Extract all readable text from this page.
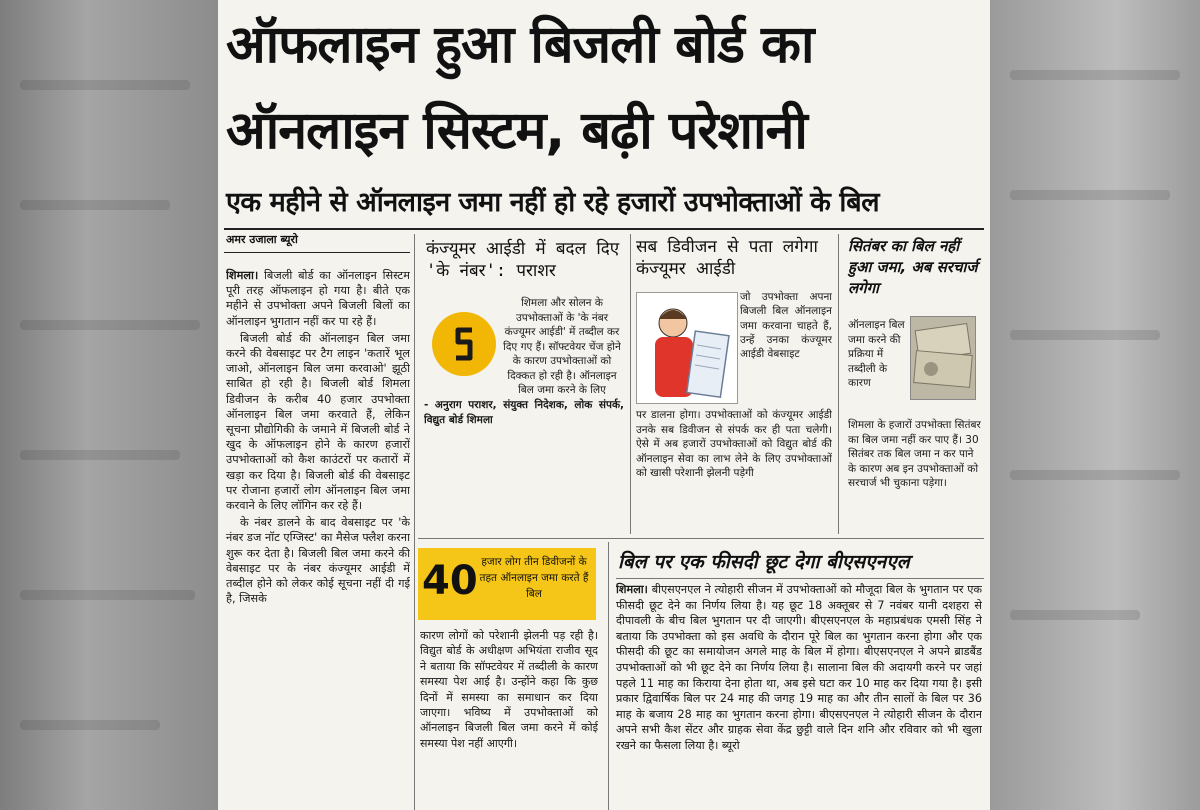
ऑफलाइन हुआ बिजली बोर्ड का
ऑनलाइन सिस्टम, बढ़ी परेशानी
एक महीने से ऑनलाइन जमा नहीं हो रहे हजारों उपभोक्ताओं के बिल
अमर उजाला ब्यूरो

शिमला। बिजली बोर्ड का ऑनलाइन सिस्टम पूरी तरह ऑफलाइन हो गया है। बीते एक महीने से उपभोक्ता अपने बिजली बिलों का ऑनलाइन भुगतान नहीं कर पा रहे हैं।

बिजली बोर्ड की ऑनलाइन बिल जमा करने की वेबसाइट पर टैग लाइन 'कतारें भूल जाओ, ऑनलाइन बिल जमा करवाओ' झूठी साबित हो रही है। बिजली बोर्ड शिमला डिवीजन के करीब 40 हजार उपभोक्ता ऑनलाइन बिल जमा करवाते हैं, लेकिन सूचना प्रौद्योगिकी के जमाने में बिजली बोर्ड ने खुद के ऑफलाइन होने के कारण हजारों उपभोक्ताओं को कैश काउंटरों पर कतारों में खड़ा कर दिया है। बिजली बोर्ड की वेबसाइट पर रोजाना हजारों लोग ऑनलाइन बिल जमा करवाने के लिए लॉगिन कर रहे हैं।

के नंबर डालने के बाद वेबसाइट पर 'के नंबर डज नॉट एग्जिस्ट' का मैसेज फ्लैश करना शुरू कर देता है। बिजली बिल जमा करने की वेबसाइट पर के नंबर कंज्यूमर आईडी में तब्दील होने को लेकर कोई सूचना नहीं दी गई है, जिसके

कंज्यूमर आईडी में बदल दिए 'के नंबर': पराशर
शिमला और सोलन के उपभोक्ताओं के 'के नंबर कंज्यूमर आईडी' में तब्दील कर दिए गए हैं। सॉफ्टवेयर चेंज होने के कारण उपभोक्ताओं को दिक्कत हो रही है। ऑनलाइन बिल जमा करने के लिए
- अनुराग पराशर, संयुक्त निदेशक, लोक संपर्क, विद्युत बोर्ड शिमला
सब डिवीजन से पता लगेगा कंज्यूमर आईडी
जो उपभोक्ता अपना बिजली बिल ऑनलाइन जमा करवाना चाहते हैं, उन्हें उनका कंज्यूमर आईडी वेबसाइट
पर डालना होगा। उपभोक्ताओं को कंज्यूमर आईडी उनके सब डिवीजन से संपर्क कर ही पता चलेगी। ऐसे में अब हजारों उपभोक्ताओं को विद्युत बोर्ड की ऑनलाइन सेवा का लाभ लेने के लिए उपभोक्ताओं को खासी परेशानी झेलनी पड़ेगी
सितंबर का बिल नहीं हुआ जमा, अब सरचार्ज लगेगा
ऑनलाइन बिल जमा करने की प्रक्रिया में तब्दीली के कारण
शिमला के हजारों उपभोक्ता सितंबर का बिल जमा नहीं कर पाए हैं। 30 सितंबर तक बिल जमा न कर पाने के कारण अब इन उपभोक्ताओं को सरचार्ज भी चुकाना पड़ेगा।
40 हजार लोग तीन डिवीजनों के तहत ऑनलाइन जमा करते हैं बिल
कारण लोगों को परेशानी झेलनी पड़ रही है। विद्युत बोर्ड के अधीक्षण अभियंता राजीव सूद ने बताया कि सॉफ्टवेयर में तब्दीली के कारण समस्या पेश आई है। उन्होंने कहा कि कुछ दिनों में समस्या का समाधान कर दिया जाएगा। भविष्य में उपभोक्ताओं को ऑनलाइन बिजली बिल जमा करने में कोई समस्या पेश नहीं आएगी।
बिल पर एक फीसदी छूट देगा बीएसएनएल
शिमला। बीएसएनएल ने त्योहारी सीजन में उपभोक्ताओं को मौजूदा बिल के भुगतान पर एक फीसदी छूट देने का निर्णय लिया है। यह छूट 18 अक्तूबर से 7 नवंबर यानी दशहरा से दीपावली के बीच बिल भुगतान पर दी जाएगी। बीएसएनएल के महाप्रबंधक एमसी सिंह ने बताया कि उपभोक्ता को इस अवधि के दौरान पूरे बिल का भुगतान करना होगा और एक फीसदी की छूट का समायोजन अगले माह के बिल में होगा। बीएसएनएल ने अपने ब्राडबैंड उपभोक्ताओं को भी छूट देने का निर्णय लिया है। सालाना बिल की अदायगी करने पर जहां पहले 11 माह का किराया देना होता था, अब इसे घटा कर 10 माह कर दिया गया है। इसी प्रकार द्विवार्षिक बिल पर 24 माह की जगह 19 माह का और तीन सालों के बिल पर 36 माह के बजाय 28 माह का भुगतान करना होगा। बीएसएनएल ने त्योहारी सीजन के दौरान अपने सभी कैश सेंटर और ग्राहक सेवा केंद्र छुट्टी वाले दिन शनि और रविवार को भी खुला रखने का फैसला लिया है। ब्यूरो
